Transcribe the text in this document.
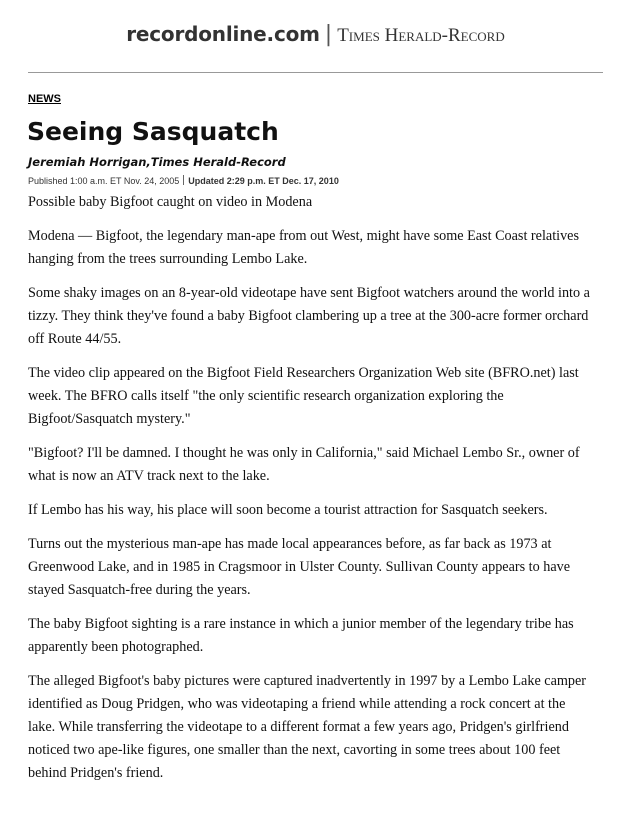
recordonline.com | Times Herald-Record
NEWS
Seeing Sasquatch
Jeremiah Horrigan,Times Herald-Record
Published 1:00 a.m. ET Nov. 24, 2005 Updated 2:29 p.m. ET Dec. 17, 2010

Possible baby Bigfoot caught on video in Modena

Modena — Bigfoot, the legendary man-ape from out West, might have some East Coast relatives hanging from the trees surrounding Lembo Lake.

Some shaky images on an 8-year-old videotape have sent Bigfoot watchers around the world into a tizzy. They think they've found a baby Bigfoot clambering up a tree at the 300-acre former orchard off Route 44/55.

The video clip appeared on the Bigfoot Field Researchers Organization Web site (BFRO.net) last week. The BFRO calls itself "the only scientific research organization exploring the Bigfoot/Sasquatch mystery."

"Bigfoot? I'll be damned. I thought he was only in California," said Michael Lembo Sr., owner of what is now an ATV track next to the lake.

If Lembo has his way, his place will soon become a tourist attraction for Sasquatch seekers.

Turns out the mysterious man-ape has made local appearances before, as far back as 1973 at Greenwood Lake, and in 1985 in Cragsmoor in Ulster County. Sullivan County appears to have stayed Sasquatch-free during the years.

The baby Bigfoot sighting is a rare instance in which a junior member of the legendary tribe has apparently been photographed.

The alleged Bigfoot's baby pictures were captured inadvertently in 1997 by a Lembo Lake camper identified as Doug Pridgen, who was videotaping a friend while attending a rock concert at the lake. While transferring the videotape to a different format a few years ago, Pridgen's girlfriend noticed two ape-like figures, one smaller than the next, cavorting in some trees about 100 feet behind Pridgen's friend.
